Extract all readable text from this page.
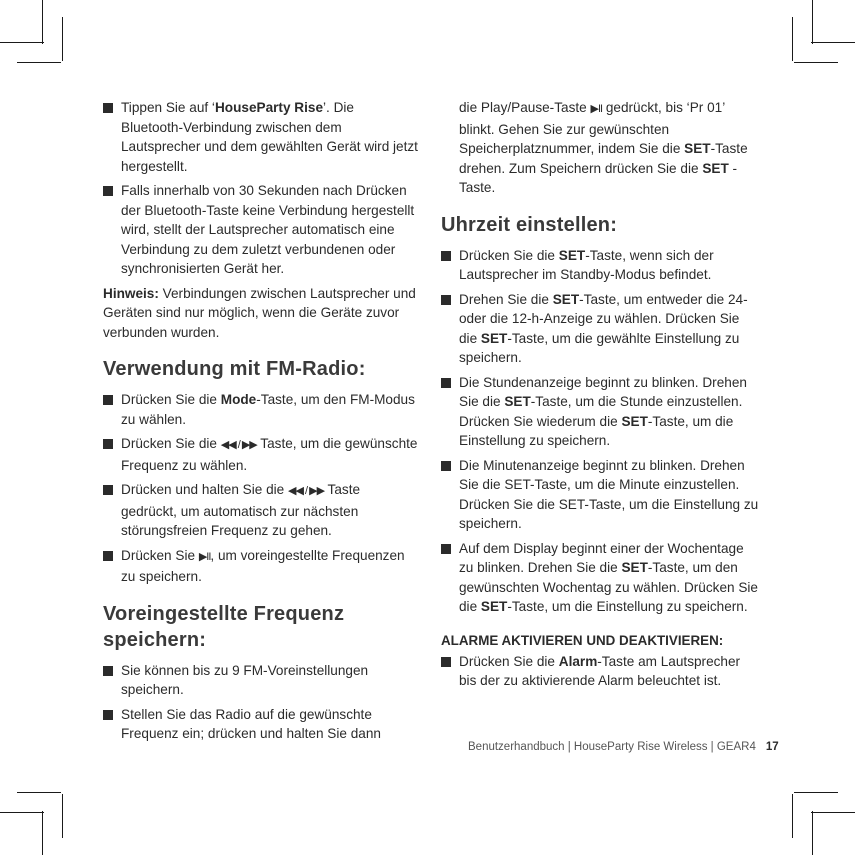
Tippen Sie auf ‘HouseParty Rise’. Die Bluetooth-Verbindung zwischen dem Lautsprecher und dem gewählten Gerät wird jetzt hergestellt.
Falls innerhalb von 30 Sekunden nach Drücken der Bluetooth-Taste keine Verbindung hergestellt wird, stellt der Lautsprecher automatisch eine Verbindung zu dem zuletzt verbundenen oder synchronisierten Gerät her.
Hinweis: Verbindungen zwischen Lautsprecher und Geräten sind nur möglich, wenn die Geräte zuvor verbunden wurden.
Verwendung mit FM-Radio:
Drücken Sie die Mode-Taste, um den FM-Modus zu wählen.
Drücken Sie die ◀◀ / ▶▶ Taste, um die gewünschte Frequenz zu wählen.
Drücken und halten Sie die ◀◀ / ▶▶ Taste gedrückt, um automatisch zur nächsten störungsfreien Frequenz zu gehen.
Drücken Sie ▶II, um voreingestellte Frequenzen zu speichern.
Voreingestellte Frequenz speichern:
Sie können bis zu 9 FM-Voreinstellungen speichern.
Stellen Sie das Radio auf die gewünschte Frequenz ein; drücken und halten Sie dann
die Play/Pause-Taste ▶II gedrückt, bis ‘Pr 01’ blinkt. Gehen Sie zur gewünschten Speicherplatznummer, indem Sie die SET-Taste drehen. Zum Speichern drücken Sie die SET -Taste.
Uhrzeit einstellen:
Drücken Sie die SET-Taste, wenn sich der Lautsprecher im Standby-Modus befindet.
Drehen Sie die SET-Taste, um entweder die 24- oder die 12-h-Anzeige zu wählen. Drücken Sie die SET-Taste, um die gewählte Einstellung zu speichern.
Die Stundenanzeige beginnt zu blinken. Drehen Sie die SET-Taste, um die Stunde einzustellen. Drücken Sie wiederum die SET-Taste, um die Einstellung zu speichern.
Die Minutenanzeige beginnt zu blinken. Drehen Sie die SET-Taste, um die Minute einzustellen. Drücken Sie die SET-Taste, um die Einstellung zu speichern.
Auf dem Display beginnt einer der Wochentage zu blinken. Drehen Sie die SET-Taste, um den gewünschten Wochentag zu wählen. Drücken Sie die SET-Taste, um die Einstellung zu speichern.
ALARME AKTIVIEREN UND DEAKTIVIEREN:
Drücken Sie die Alarm-Taste am Lautsprecher bis der zu aktivierende Alarm beleuchtet ist.
Benutzerhandbuch | HouseParty Rise Wireless | GEAR4 17
